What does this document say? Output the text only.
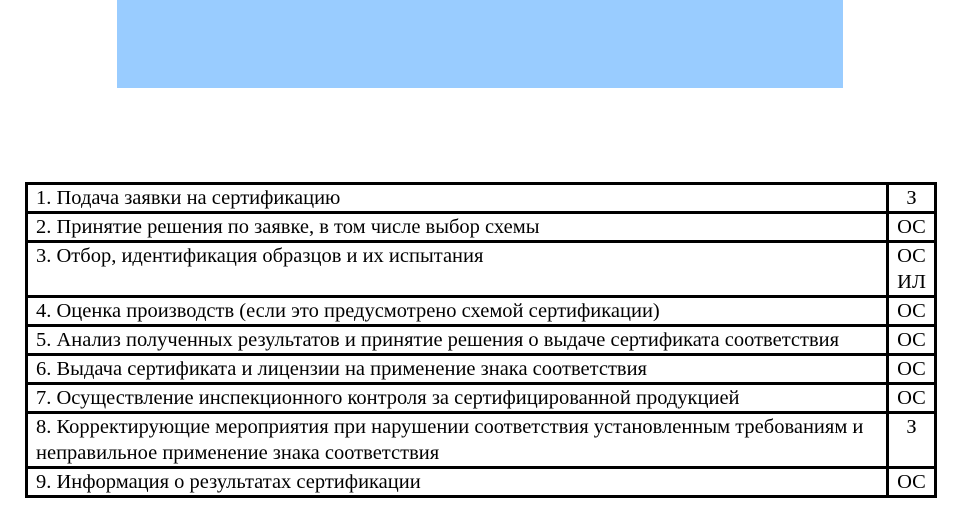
1. Подача заявки на сертификацию	З

2. Принятие решения по заявке, в том числе выбор схемы	ОС

3. Отбор, идентификация образцов и их испытания	ОС
ИЛ

4. Оценка производств (если это предусмотрено схемой сертификации)	ОС

5. Анализ полученных результатов и принятие решения о выдаче сертификата соответствия	ОС

6. Выдача сертификата и лицензии на применение знака соответствия	ОС

7. Осуществление инспекционного контроля за сертифицированной продукцией	ОС

8. Корректирующие мероприятия при нарушении соответствия установленным требованиям и неправильное применение знака соответствия	З

9. Информация о результатах сертификации	ОС
